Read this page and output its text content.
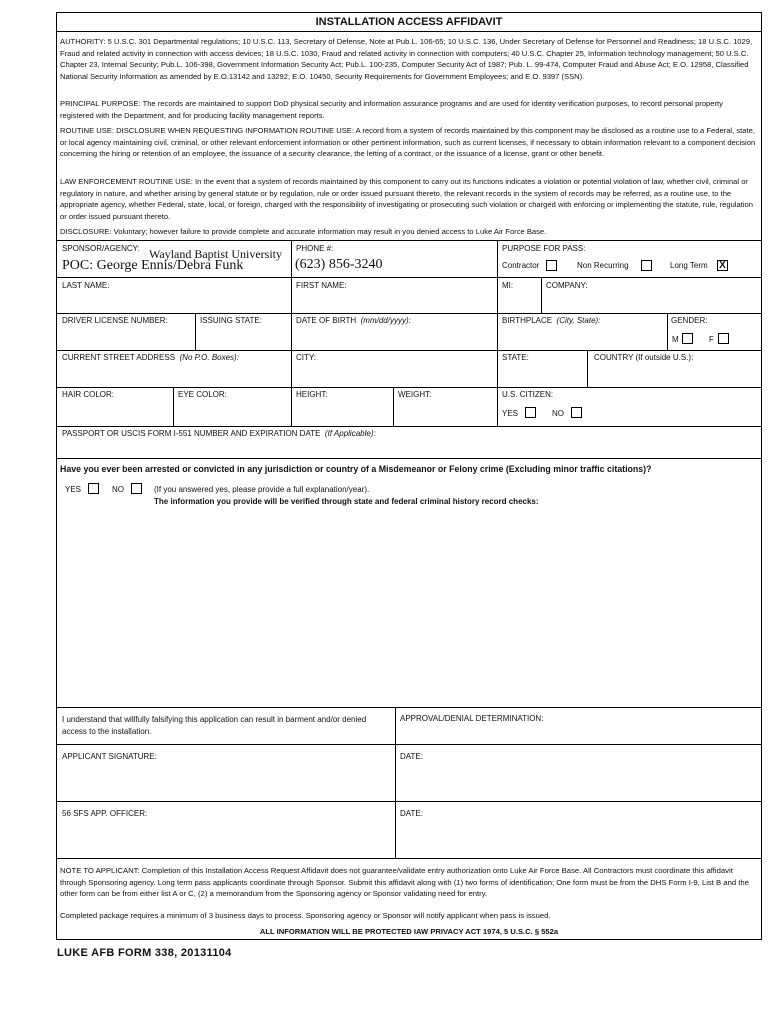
INSTALLATION ACCESS AFFIDAVIT

AUTHORITY: 5 U.S.C. 301 Departmental regulations; 10 U.S.C. 113, Secretary of Defense, Note at Pub.L. 106-65; 10 U.S.C. 136, Under Secretary of Defense for Personnel and Readiness; 18 U.S.C. 1029, Fraud and related activity in connection with access devices; 18 U.S.C. 1030, Fraud and related activity in connection with computers; 40 U.S.C. Chapter 25, Information technology management; 50 U.S.C. Chapter 23, Internal Security; Pub.L. 106-398, Government Information Security Act; Pub.L. 100-235, Computer Security Act of 1987; Pub. L. 99-474, Computer Fraud and Abuse Act; E.O. 12958, Classified National Security Information as amended by E.O.13142 and 13292; E.O. 10450, Security Requirements for Government Employees; and E.O. 9397 (SSN).

PRINCIPAL PURPOSE: The records are maintained to support DoD physical security and information assurance programs and are used for identity verification purposes, to record personal property registered with the Department, and for producing facility management reports.

ROUTINE USE: DISCLOSURE WHEN REQUESTING INFORMATION ROUTINE USE: A record from a system of records maintained by this component may be disclosed as a routine use to a Federal, state, or local agency maintaining civil, criminal, or other relevant enforcement information or other pertinent information, such as current licenses, if necessary to obtain information relevant to a component decision concerning the hiring or retention of an employee, the issuance of a security clearance, the letting of a contract, or the issuance of a license, grant or other benefit.

LAW ENFORCEMENT ROUTINE USE: In the event that a system of records maintained by this component to carry out its functions indicates a violation or potential violation of law, whether civil, criminal or regulatory in nature, and whether arising by general statute or by regulation, rule or order issued pursuant thereto, the relevant records in the system of records may be referred, as a routine use, to the appropriate agency, whether Federal, state, local, or foreign, charged with the responsibility of investigating or prosecuting such violation or charged with enforcing or implementing the statute, rule, regulation or order issued pursuant thereto.

DISCLOSURE: Voluntary; however failure to provide complete and accurate information may result in you denied access to Luke Air Force Base.

SPONSOR/AGENCY: Wayland Baptist University
POC: George Ennis/Debra Funk
PHONE #:
(623) 856-3240
PURPOSE FOR PASS:
Contractor	Non Recurring	Long Term X
LAST NAME:	FIRST NAME:	MI:	COMPANY:
DRIVER LICENSE NUMBER:	ISSUING STATE:	DATE OF BIRTH (mm/dd/yyyy):	BIRTHPLACE (City, State):	GENDER:
M	F
CURRENT STREET ADDRESS (No P.O. Boxes):	CITY:	STATE:	COUNTRY (If outside U.S.):
HAIR COLOR:	EYE COLOR:	HEIGHT:	WEIGHT:	U.S. CITIZEN:
YES	NO
PASSPORT OR USCIS FORM I-551 NUMBER AND EXPIRATION DATE (If Applicable):
Have you ever been arrested or convicted in any jurisdiction or country of a Misdemeanor or Felony crime (Excluding minor traffic citations)?
YES	NO	(If you answered yes, please provide a full explanation/year).
The information you provide will be verified through state and federal criminal history record checks:
I understand that willfully falsifying this application can result in barment and/or denied access to the installation.
APPROVAL/DENIAL DETERMINATION:
APPLICANT SIGNATURE:	DATE:
56 SFS APP. OFFICER:	DATE:

NOTE TO APPLICANT: Completion of this Installation Access Request Affidavit does not guarantee/validate entry authorization onto Luke Air Force Base. All Contractors must coordinate this affidavit through Sponsoring agency. Long term pass applicants coordinate through Sponsor. Submit this affidavit along with (1) two forms of identification; One form must be from the DHS Form I-9, List B and the other form can be from either list A or C, (2) a memorandum from the Sponsoring agency or Sponsor validating need for entry.

Completed package requires a minimum of 3 business days to process. Sponsoring agency or Sponsor will notify applicant when pass is issued.

ALL INFORMATION WILL BE PROTECTED IAW PRIVACY ACT 1974, 5 U.S.C. § 552a
LUKE AFB FORM 338, 20131104
